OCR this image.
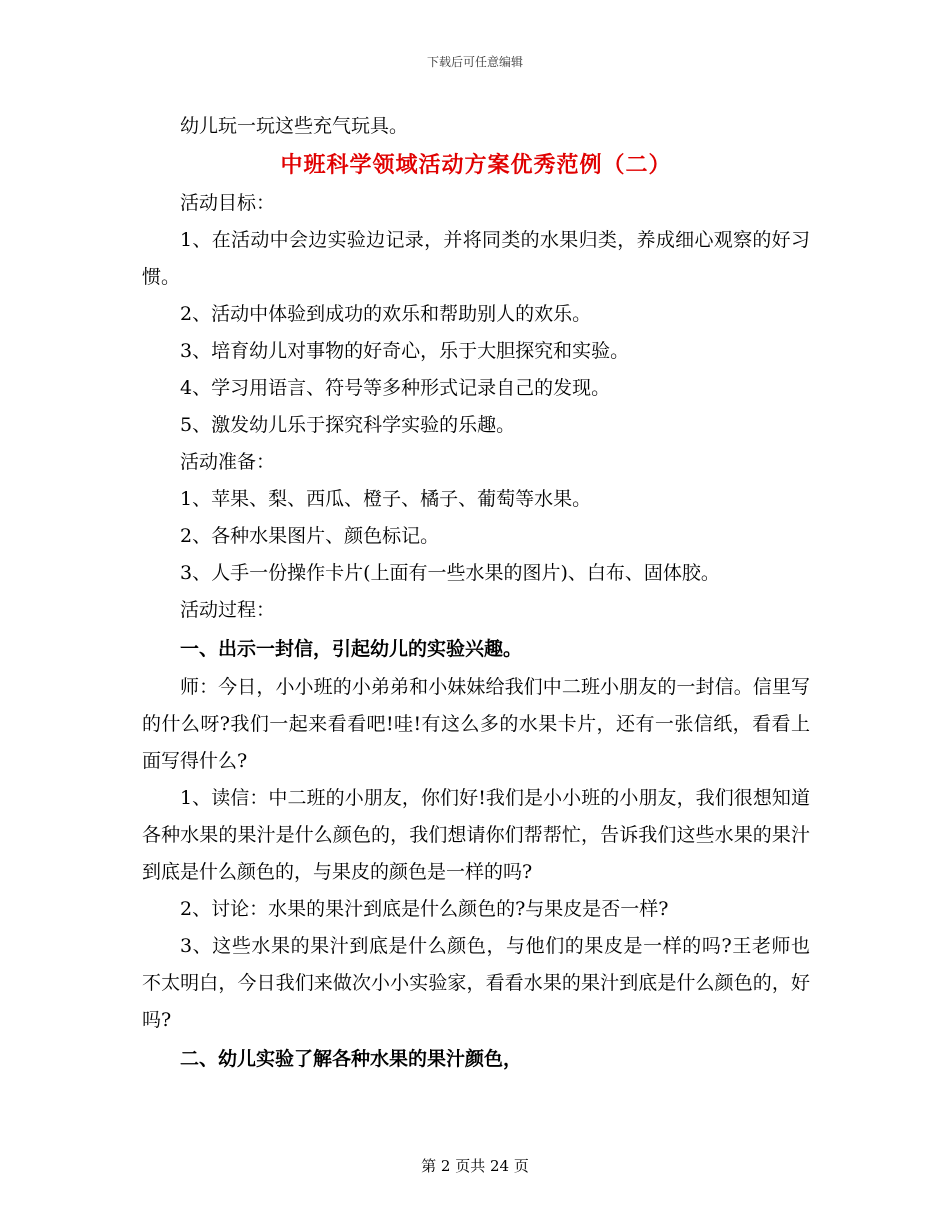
下载后可任意编辑

幼儿玩一玩这些充气玩具。

中班科学领域活动方案优秀范例（二）

活动目标：

1、在活动中会边实验边记录，并将同类的水果归类，养成细心观察的好习惯。

2、活动中体验到成功的欢乐和帮助别人的欢乐。

3、培育幼儿对事物的好奇心，乐于大胆探究和实验。

4、学习用语言、符号等多种形式记录自己的发现。

5、激发幼儿乐于探究科学实验的乐趣。

活动准备：

1、苹果、梨、西瓜、橙子、橘子、葡萄等水果。

2、各种水果图片、颜色标记。

3、人手一份操作卡片(上面有一些水果的图片)、白布、固体胶。

活动过程：

一、出示一封信，引起幼儿的实验兴趣。

师：今日，小小班的小弟弟和小妹妹给我们中二班小朋友的一封信。信里写的什么呀?我们一起来看看吧!哇!有这么多的水果卡片，还有一张信纸，看看上面写得什么?

1、读信：中二班的小朋友，你们好!我们是小小班的小朋友，我们很想知道各种水果的果汁是什么颜色的，我们想请你们帮帮忙，告诉我们这些水果的果汁到底是什么颜色的，与果皮的颜色是一样的吗?

2、讨论：水果的果汁到底是什么颜色的?与果皮是否一样?

3、这些水果的果汁到底是什么颜色，与他们的果皮是一样的吗?王老师也不太明白，今日我们来做次小小实验家，看看水果的果汁到底是什么颜色的，好吗?

二、幼儿实验了解各种水果的果汁颜色，

第 2 页共 24 页
